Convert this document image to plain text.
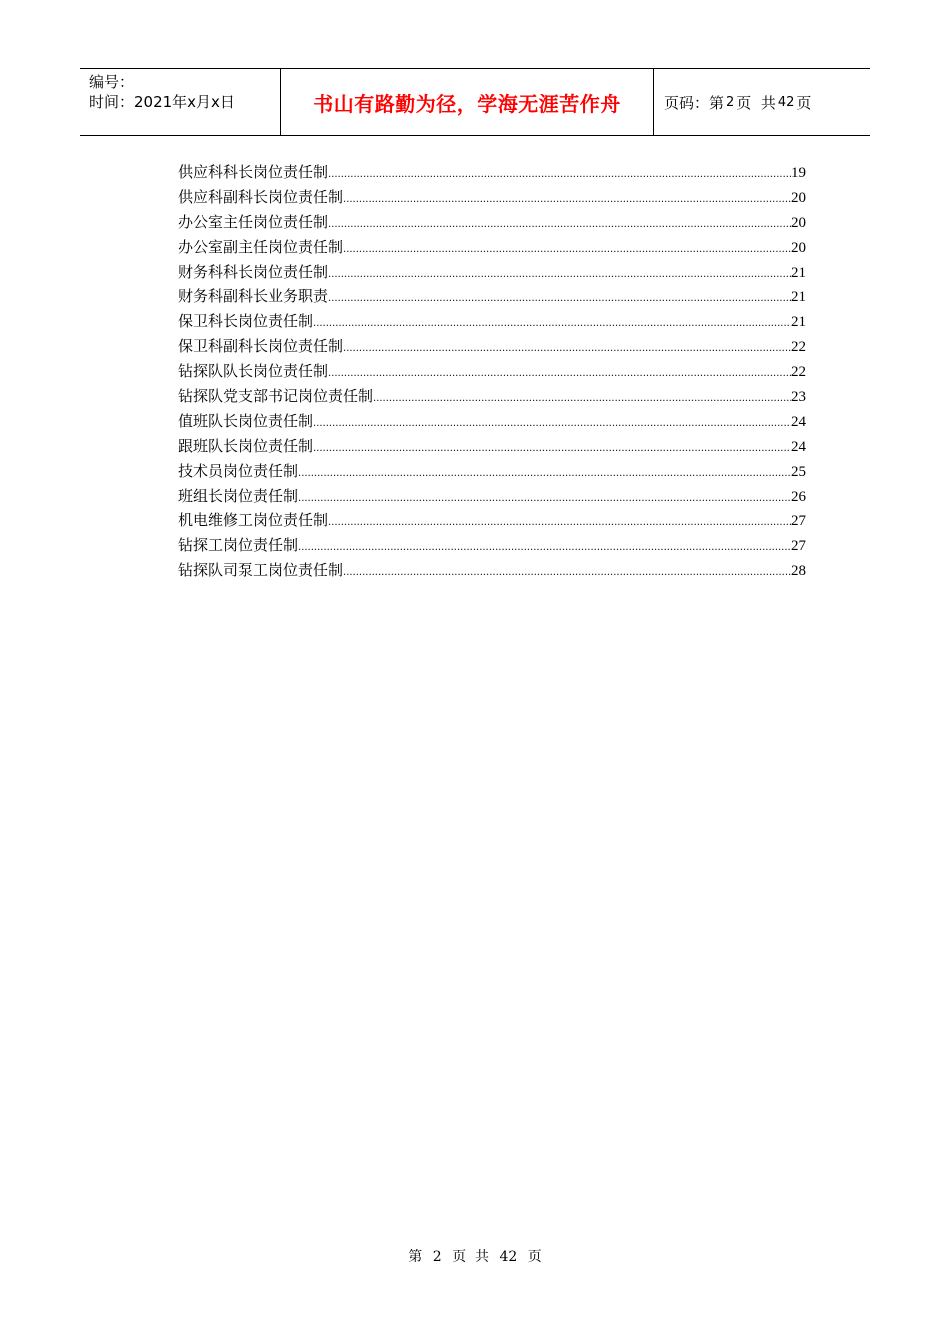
编号：
时间：2021年x月x日	书山有路勤为径，学海无涯苦作舟	页码：第 2 页  共 42 页
供应科科长岗位责任制 .....	19
供应科副科长岗位责任制 .....	20
办公室主任岗位责任制 .....	20
办公室副主任岗位责任制 .....	20
财务科科长岗位责任制 .....	21
财务科副科长业务职责 .....	21
保卫科长岗位责任制 .....	21
保卫科副科长岗位责任制 .....	22
钻探队队长岗位责任制 .....	22
钻探队党支部书记岗位责任制 .....	23
值班队长岗位责任制 .....	24
跟班队长岗位责任制 .....	24
技术员岗位责任制 .....	25
班组长岗位责任制 .....	26
机电维修工岗位责任制 .....	27
钻探工岗位责任制 .....	27
钻探队司泵工岗位责任制 .....	28
第 2 页  共 42 页
